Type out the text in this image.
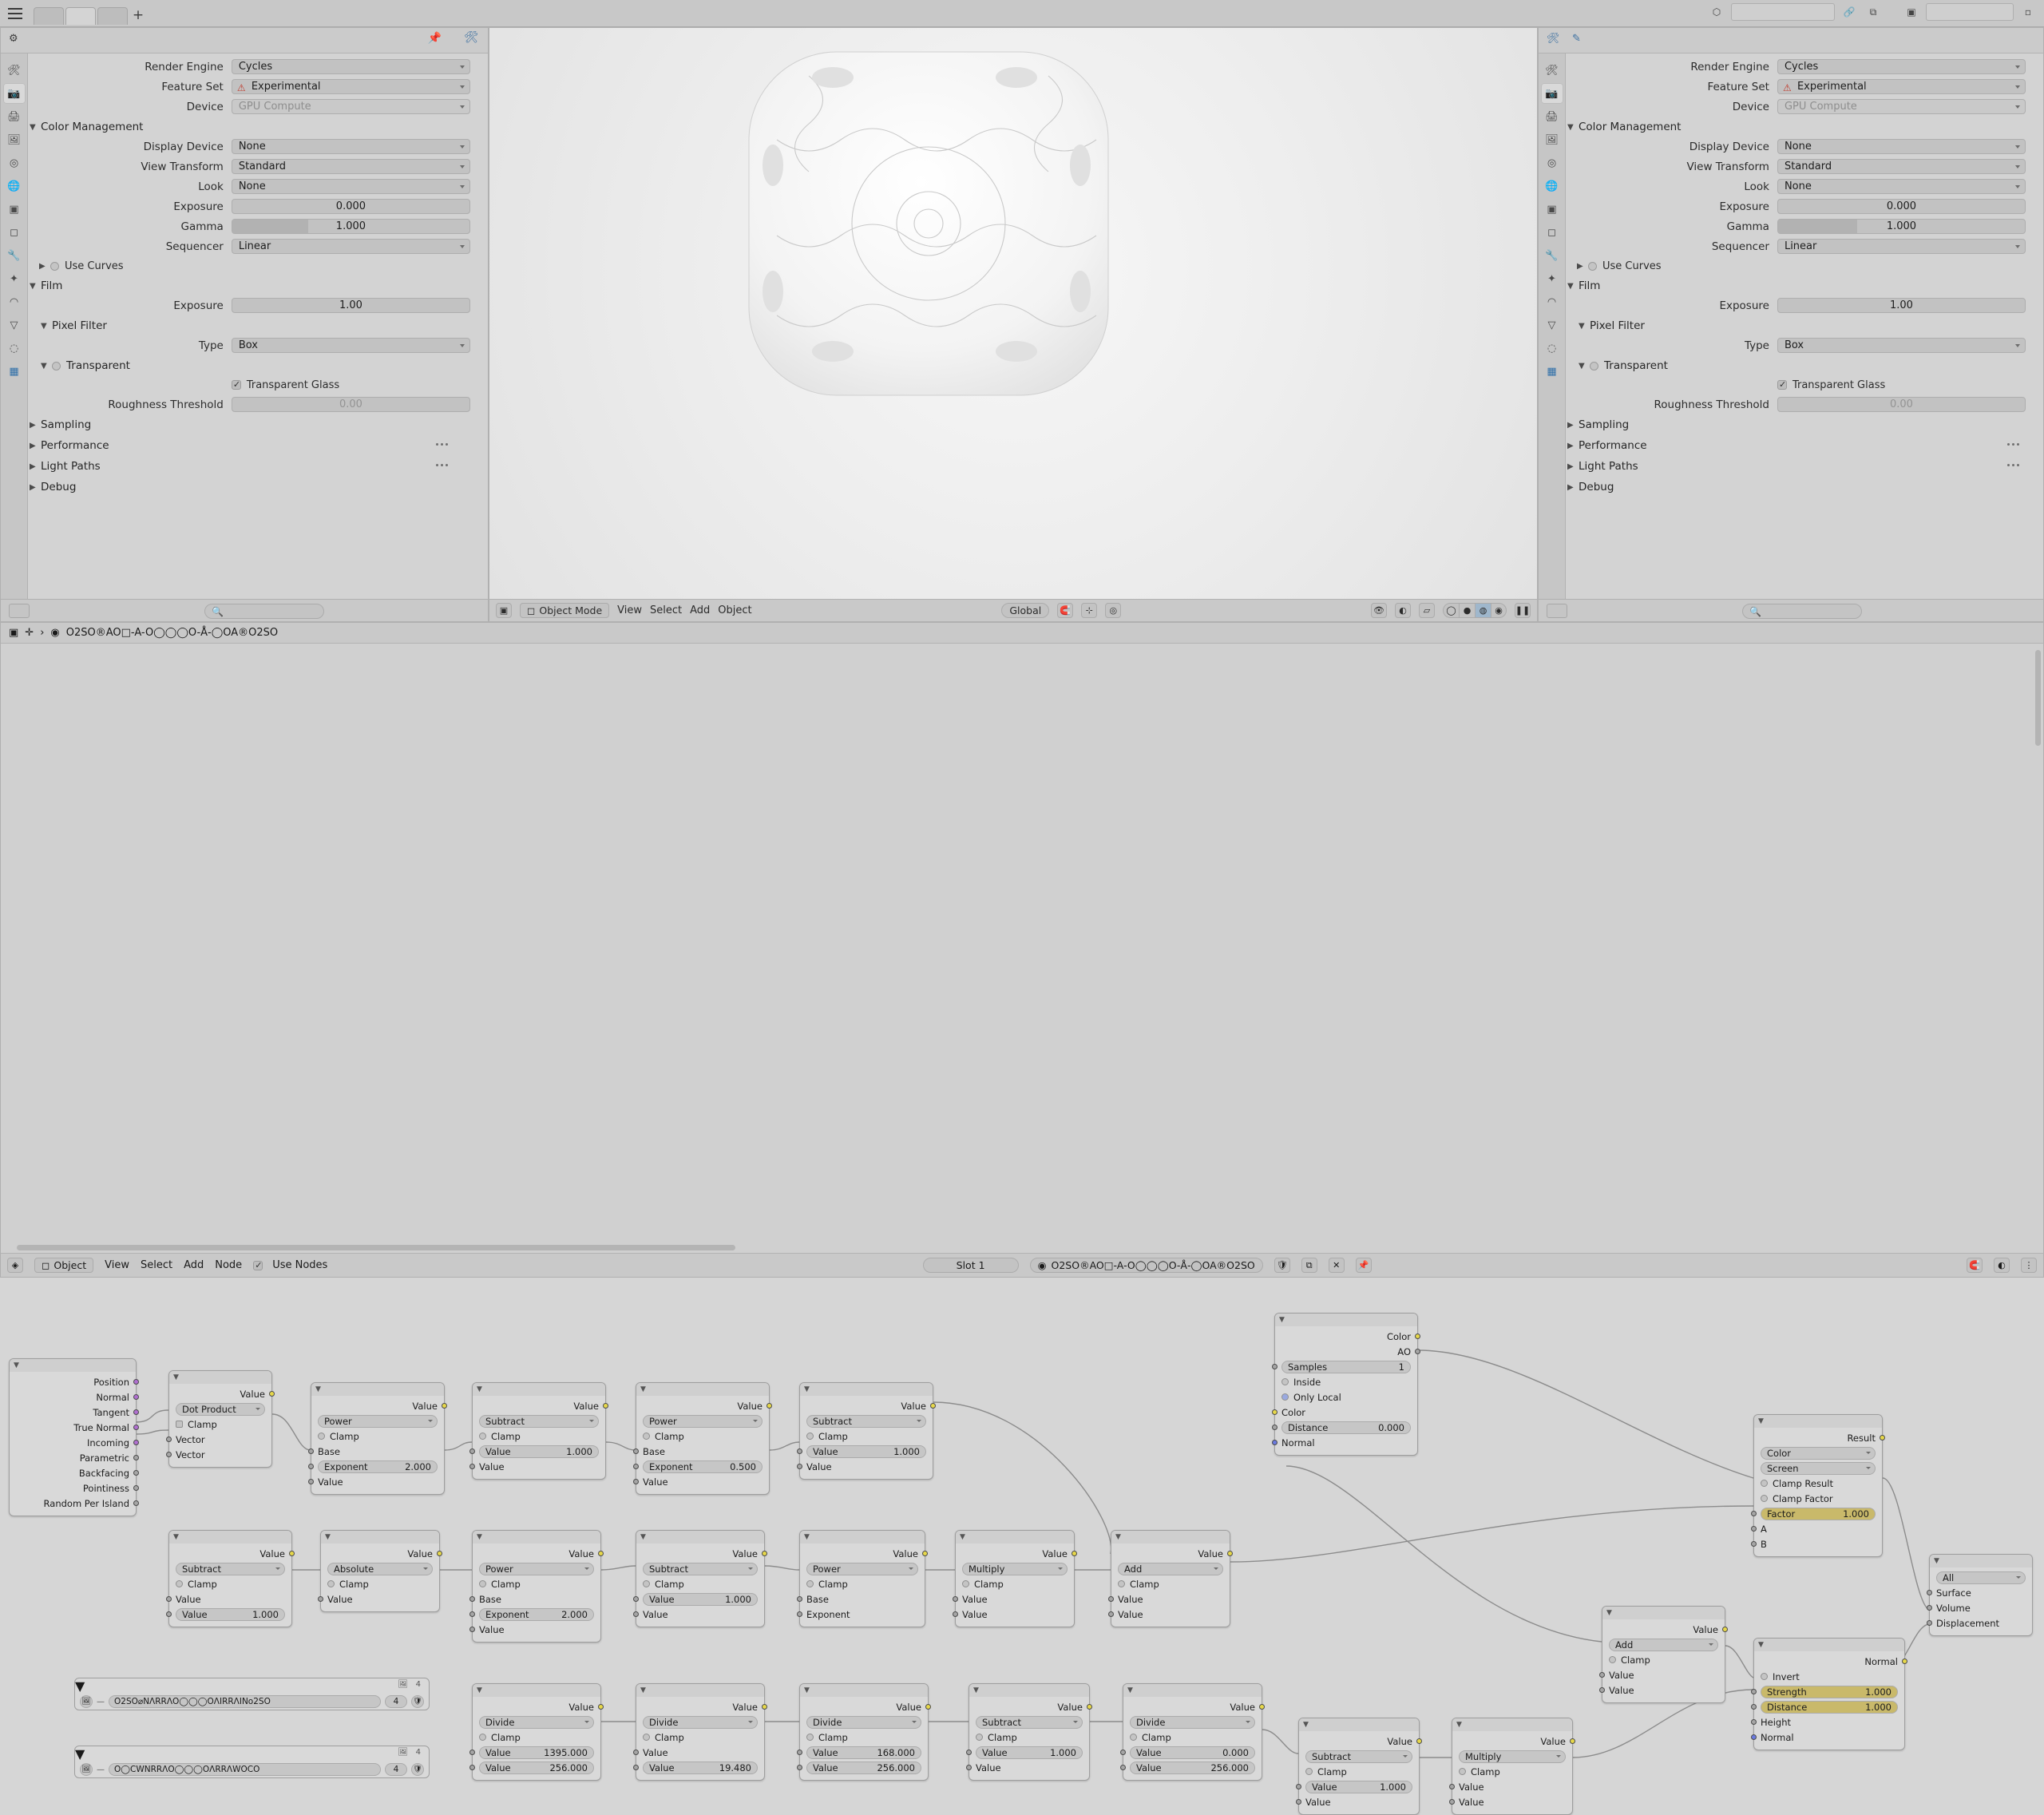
+	⬡	🔗	⧉	▣	▫
⚙	📌 🛠
🛠
📷
🖨
🖼
◎
🌐
▣
◻
🔧
✦
◠
▽
◌
▦
Render Engine	Cycles
Feature Set	⚠ Experimental
Device	GPU Compute
▼ Color Management
Display Device	None
View Transform	Standard
Look	None
Exposure	0.000
Gamma	1.000
Sequencer	Linear
▶	Use Curves
▼ Film
Exposure	1.00
▼ Pixel Filter
Type	Box
▼	Transparent
✓
Transparent Glass
Roughness Threshold	0.00
▶ Sampling
▶ Performance
▶ Light Paths
▶ Debug
🔍	▣	◻ Object Mode View Select Add Object	Global 🧲	⊹	◎	👁	◐	▱	◯ ● ◍ ◉	❚❚
🛠 ✎
🛠
📷
🖨
🖼
◎
🌐
▣
◻
🔧
✦
◠
▽
◌
▦
Render Engine	Cycles
Feature Set	⚠ Experimental
Device	GPU Compute
▼ Color Management
Display Device	None
View Transform	Standard
Look	None
Exposure	0.000
Gamma	1.000
Sequencer	Linear
▶	Use Curves
▼ Film
Exposure	1.00
▼ Pixel Filter
Type	Box
▼	Transparent
✓
Transparent Glass
Roughness Threshold	0.00
▶ Sampling
▶ Performance
▶ Light Paths
▶ Debug
🔍
▣ ✛ › ◉ O2SO®AO□-A-O◯◯◯O-Å-◯OA®O2SO
▼
Position
Normal
Tangent
True Normal
Incoming
Parametric
Backfacing
Pointiness
Random Per Island
▼
Value
Dot Product
Clamp
Vector
Vector
▼
Value
Power
Clamp
Base
Exponent	2.000
Value
▼
Value
Subtract
Clamp
Value	1.000
Value
▼
Value
Power
Clamp
Base
Exponent	0.500
Value
▼
Value
Subtract
Clamp
Value	1.000
Value
▼
Color
AO
Samples	1
Inside
Only Local
Color
Distance	0.000
Normal
▼
Value
Subtract
Clamp
Value
Value	1.000
▼
Value
Absolute
Clamp
Value
▼
Value
Power
Clamp
Base
Exponent	2.000
Value
▼
Value
Subtract
Clamp
Value	1.000
Value
▼
Value
Power
Clamp
Base
Exponent
▼
Value
Multiply
Clamp
Value
Value
▼
Value
Add
Clamp
Value
Value
▼
Result
Color
Screen
Clamp Result
Clamp Factor
Factor	1.000
A
B
▼
All
Surface
Volume
Displacement
▼
Normal
Invert
Strength	1.000
Distance	1.000
Height
Normal
▼
Value
Add
Clamp
Value
Value
▼
Value
Divide
Clamp
Value	1395.000
Value	256.000
▼
Value
Divide
Clamp
Value
Value	19.480
▼
Value
Divide
Clamp
Value	168.000
Value	256.000
▼
Value
Subtract
Clamp
Value	1.000
Value
▼
Value
Divide
Clamp
Value	0.000
Value	256.000
▼
Value
Subtract
Clamp
Value	1.000
Value
▼
Value
Multiply
Clamp
Value
Value
▼	🖼 4
🖼 —	O2SO⌀NΛRRΛO◯◯◯OΛIRRΛINo2SO	4	🛡
▼	🖼 4
🖼 —	O◯CWNRRΛO◯◯◯OΛRRΛWOCO	4	🛡
◈	◻ Object View Select Add Node ✓	Use Nodes	Slot 1	◉ O2SO®AO□-A-O◯◯◯O-Å-◯OA®O2SO 🛡	⧉	✕	📌	🧲	◐	⋮
